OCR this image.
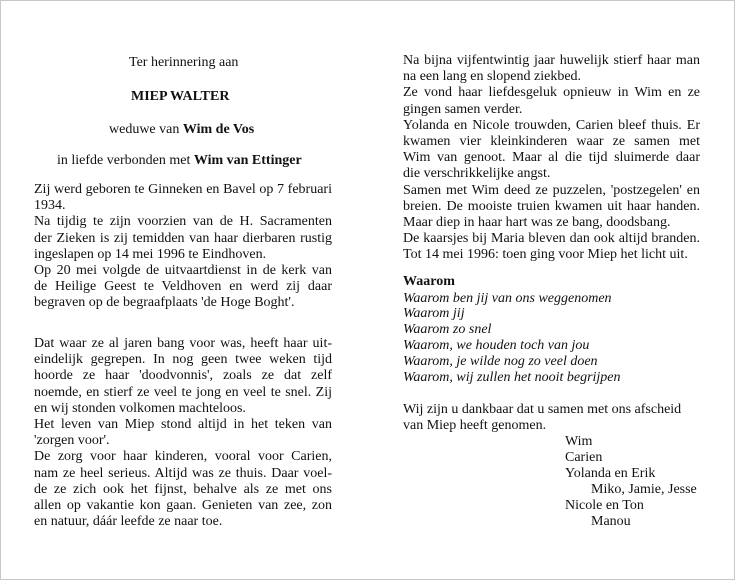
Ter herinnering aan
MIEP WALTER
weduwe van Wim de Vos
in liefde verbonden met Wim van Ettinger
Zij werd geboren te Ginneken en Bavel op 7 februari
1934.
Na tijdig te zijn voorzien van de H. Sacramenten
der Zieken is zij temidden van haar dierbaren rustig
ingeslapen op 14 mei 1996 te Eindhoven.
Op 20 mei volgde de uitvaartdienst in de kerk van
de Heilige Geest te Veldhoven en werd zij daar
begraven op de begraafplaats 'de Hoge Boght'.
Dat waar ze al jaren bang voor was, heeft haar uit-
eindelijk gegrepen. In nog geen twee weken tijd
hoorde ze haar 'doodvonnis', zoals ze dat zelf
noemde, en stierf ze veel te jong en veel te snel. Zij
en wij stonden volkomen machteloos.
Het leven van Miep stond altijd in het teken van
'zorgen voor'.
De zorg voor haar kinderen, vooral voor Carien,
nam ze heel serieus. Altijd was ze thuis. Daar voel-
de ze zich ook het fijnst, behalve als ze met ons
allen op vakantie kon gaan. Genieten van zee, zon
en natuur, dáár leefde ze naar toe.
Na bijna vijfentwintig jaar huwelijk stierf haar man
na een lang en slopend ziekbed.
Ze vond haar liefdesgeluk opnieuw in Wim en ze
gingen samen verder.
Yolanda en Nicole trouwden, Carien bleef thuis. Er
kwamen vier kleinkinderen waar ze samen met
Wim van genoot. Maar al die tijd sluimerde daar
die verschrikkelijke angst.
Samen met Wim deed ze puzzelen, 'postzegelen' en
breien. De mooiste truien kwamen uit haar handen.
Maar diep in haar hart was ze bang, doodsbang.
De kaarsjes bij Maria bleven dan ook altijd branden.
Tot 14 mei 1996: toen ging voor Miep het licht uit.
Waarom
Waarom ben jij van ons weggenomen
Waarom jij
Waarom zo snel
Waarom, we houden toch van jou
Waarom, je wilde nog zo veel doen
Waarom, wij zullen het nooit begrijpen
Wij zijn u dankbaar dat u samen met ons afscheid
van Miep heeft genomen.
Wim
Carien
Yolanda en Erik
Miko, Jamie, Jesse
Nicole en Ton
Manou
